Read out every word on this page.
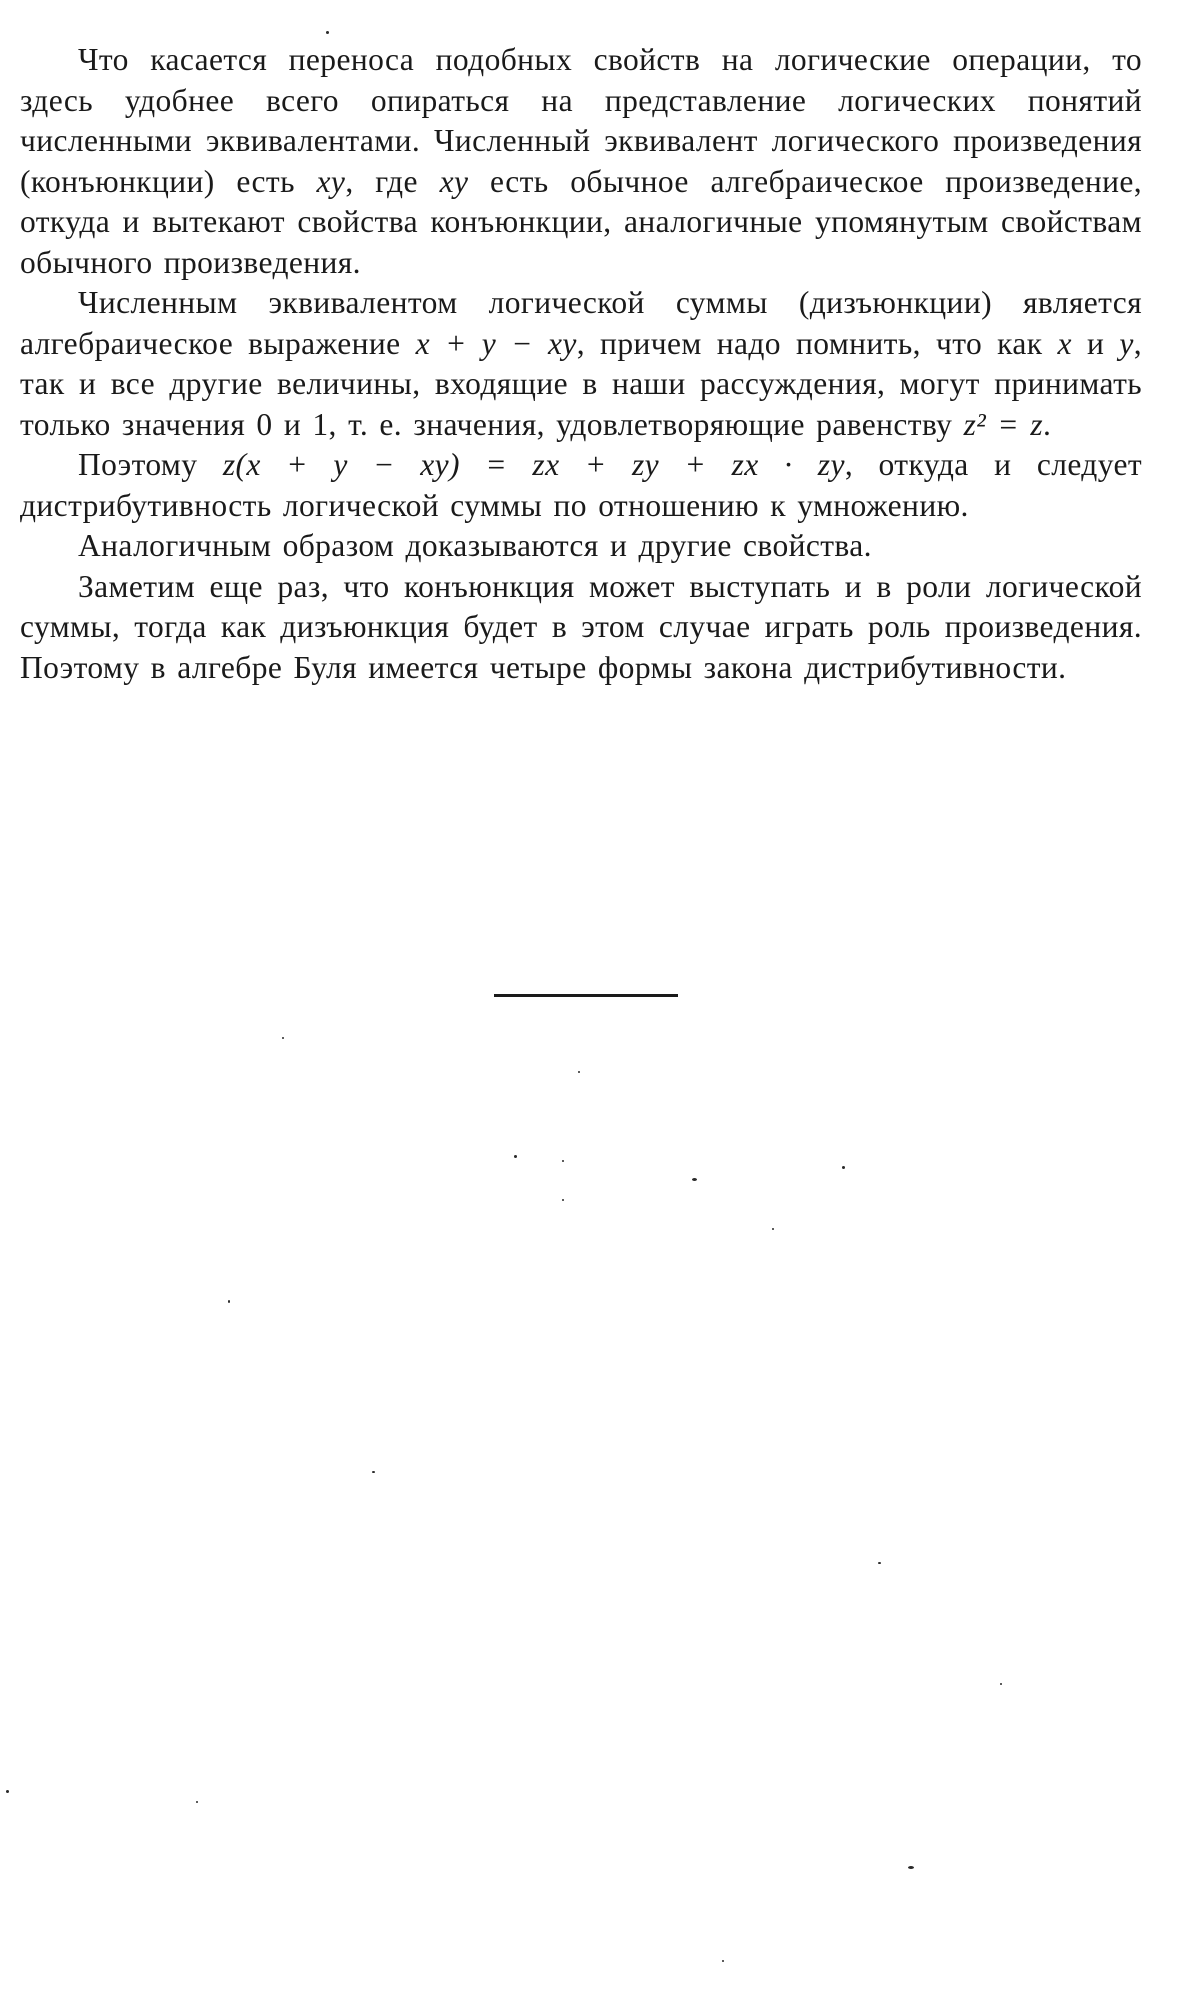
Что касается переноса подобных свойств на логические операции, то здесь удобнее всего опираться на представление логических понятий численными эквивалентами. Численный эквивалент логического произведения (конъюнкции) есть xy, где xy есть обычное алгебраическое произведение, откуда и вытекают свойства конъюнкции, аналогичные упомянутым свойствам обычного произведения.

Численным эквивалентом логической суммы (дизъюнкции) является алгебраическое выражение x + y − xy, причем надо помнить, что как x и y, так и все другие величины, входящие в наши рассуждения, могут принимать только значения 0 и 1, т. е. значения, удовлетворяющие равенству z² = z.

Поэтому z(x + y − xy) = zx + zy + zx · zy, откуда и следует дистрибутивность логической суммы по отношению к умножению.

Аналогичным образом доказываются и другие свойства.

Заметим еще раз, что конъюнкция может выступать и в роли логической суммы, тогда как дизъюнкция будет в этом случае играть роль произведения. Поэтому в алгебре Буля имеется четыре формы закона дистрибутивности.
